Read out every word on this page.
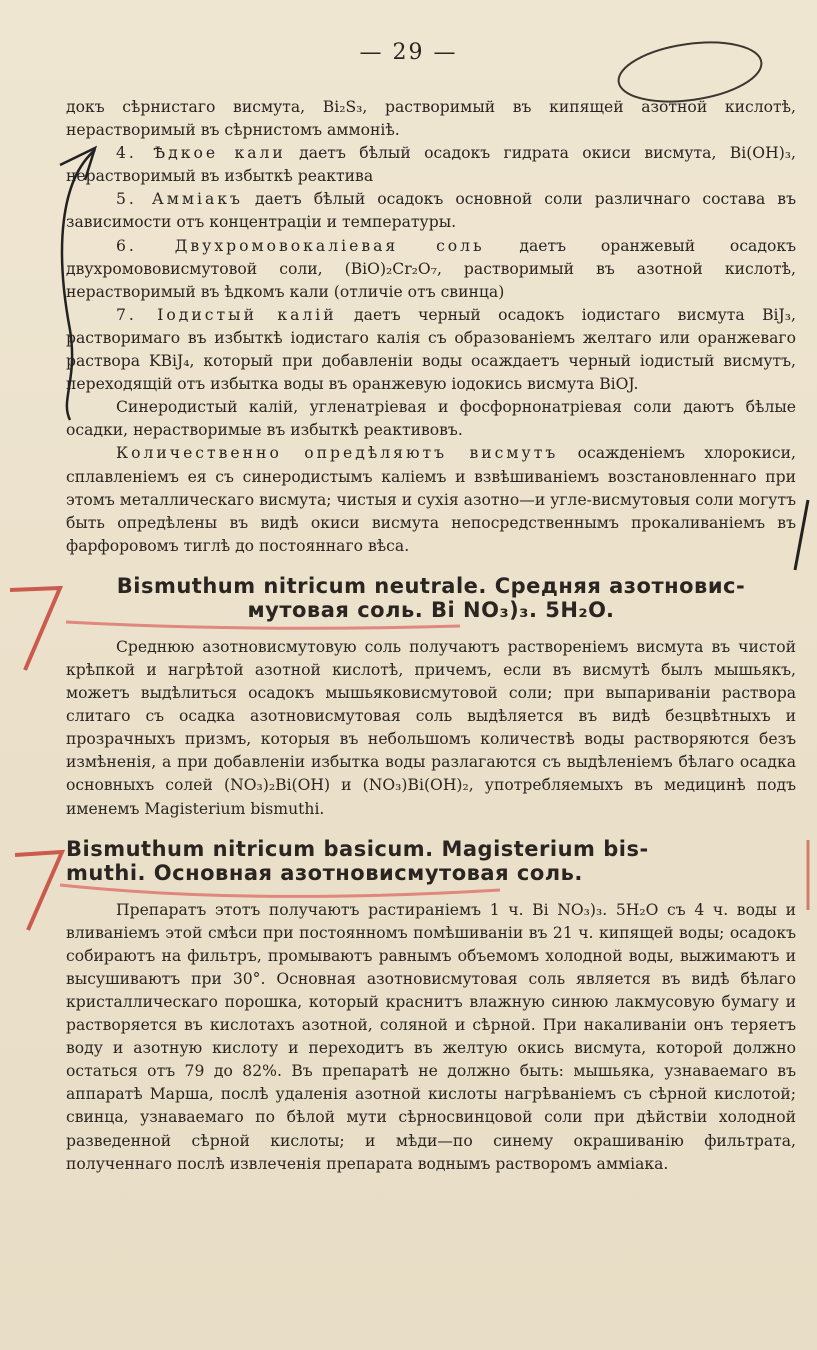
— 29 —

докъ сѣрнистаго висмута, Bi₂S₃, растворимый въ кипящей азотной кислотѣ, нерастворимый въ сѣрнистомъ аммоніѣ.

4. Ѣдкое кали даетъ бѣлый осадокъ гидрата окиси висмута, Bi(OH)₃, нерастворимый въ избыткѣ реактива

5. Амміакъ даетъ бѣлый осадокъ основной соли различнаго состава въ зависимости отъ концентраціи и температуры.

6. Двухромовокаліевая соль даетъ оранжевый осадокъ двухромововисмутовой соли, (BiO)₂Cr₂O₇, растворимый въ азотной кислотѣ, нерастворимый въ ѣдкомъ кали (отличіе отъ свинца)

7. Іодистый калій даетъ черный осадокъ іодистаго висмута BiJ₃, растворимаго въ избыткѣ іодистаго калія съ образованіемъ желтаго или оранжеваго раствора KBiJ₄, который при добавленіи воды осаждаетъ черный іодистый висмутъ, переходящій отъ избытка воды въ оранжевую іодокись висмута BiOJ.

Синеродистый калій, угленатріевая и фосфорнонатріевая соли даютъ бѣлые осадки, нерастворимые въ избыткѣ реактивовъ.

Количественно опредѣляютъ висмутъ осажденіемъ хлорокиси, сплавленіемъ ея съ синеродистымъ каліемъ и взвѣшиваніемъ возстановленнаго при этомъ металлическаго висмута; чистыя и сухія азотно—и угле-висмутовыя соли могутъ быть опредѣлены въ видѣ окиси висмута непосредственнымъ прокаливаніемъ въ фарфоровомъ тиглѣ до постояннаго вѣса.

Bismuthum nitricum neutrale. Средняя азотновис-
мутовая соль. Bi NO₃)₃. 5H₂O.

Среднюю азотновисмутовую соль получаютъ растворенiемъ висмута въ чистой крѣпкой и нагрѣтой азотной кислотѣ, причемъ, если въ висмутѣ былъ мышьякъ, можетъ выдѣлиться осадокъ мышьяковисмутовой соли; при выпариваніи раствора слитаго съ осадка азотновисмутовая соль выдѣляется въ видѣ безцвѣтныхъ и прозрачныхъ призмъ, которыя въ небольшомъ количествѣ воды растворяются безъ измѣненія, а при добавленіи избытка воды разлагаются съ выдѣленіемъ бѣлаго осадка основныхъ солей (NO₃)₂Bi(OH) и (NO₃)Bi(OH)₂, употребляемыхъ въ медицинѣ подъ именемъ Magisterium bismuthi.

Bismuthum nitricum basicum. Magisterium bis-
muthi. Основная азотновисмутовая соль.

Препаратъ этотъ получаютъ растираніемъ 1 ч. Bi NO₃)₃. 5H₂O съ 4 ч. воды и вливаніемъ этой смѣси при постоянномъ помѣшиваніи въ 21 ч. кипящей воды; осадокъ собираютъ на фильтръ, промываютъ равнымъ объемомъ холодной воды, выжимаютъ и высушиваютъ при 30°. Основная азотновисмутовая соль является въ видѣ бѣлаго кристаллическаго порошка, который краснитъ влажную синюю лакмусовую бумагу и растворяется въ кислотахъ азотной, соляной и сѣрной. При накаливаніи онъ теряетъ воду и азотную кислоту и переходитъ въ желтую окись висмута, которой должно остаться отъ 79 до 82%. Въ препаратѣ не должно быть: мышьяка, узнаваемаго въ аппаратѣ Марша, послѣ удаленія азотной кислоты нагрѣваніемъ съ сѣрной кислотой; свинца, узнаваемаго по бѣлой мути сѣрносвинцовой соли при дѣйствіи холодной разведенной сѣрной кислоты; и мѣди—по синему окрашиванію фильтрата, полученнаго послѣ извлеченія препарата воднымъ растворомъ амміака.
